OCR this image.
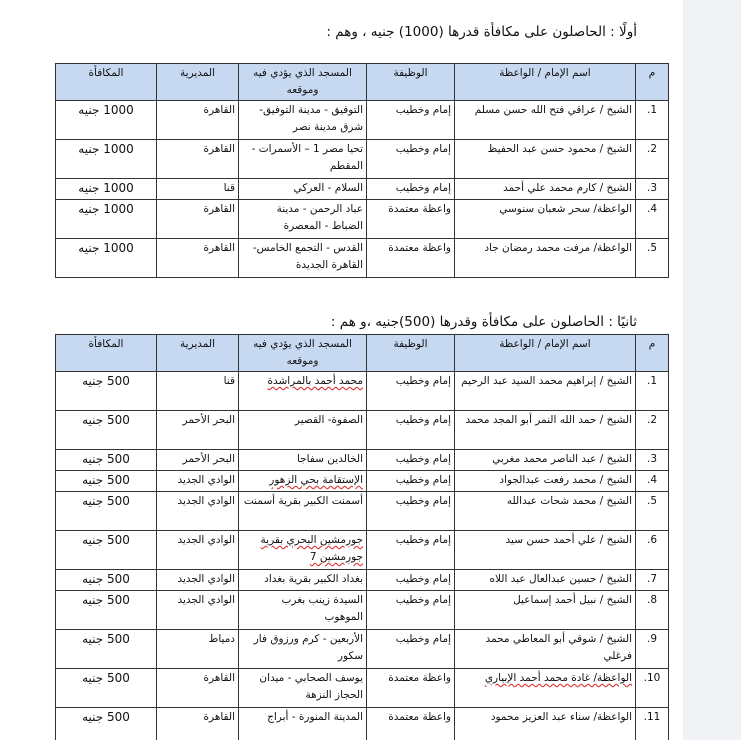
أولًا : الحاصلون على مكافأة قدرها (1000) جنيه ، وهم :
م	اسم الإمام / الواعظة	الوظيفة	المسجد الذي يؤدي فيه وموقعه	المديرية	المكافأة
1.	الشيخ / عراقي فتح الله حسن مسلم	إمام وخطيب	التوفيق - مدينة التوفيق- شرق مدينة نصر	القاهرة	1000 جنيه
2.	الشيخ / محمود حسن عبد الحفيظ	إمام وخطيب	تحيا مصر 1 – الأسمرات - المقطم	القاهرة	1000 جنيه
3.	الشيخ / كارم محمد علي أحمد	إمام وخطيب	السلام - العركي	قنا	1000 جنيه
4.	الواعظة/ سحر شعبان سنوسي	واعظة معتمدة	عباد الرحمن - مدينة الضباط - المعصرة	القاهرة	1000 جنيه
5.	الواعظة/ مرفت محمد رمضان جاد	واعظة معتمدة	القدس - التجمع الخامس- القاهرة الجديدة	القاهرة	1000 جنيه
ثانيًا : الحاصلون على مكافأة وقدرها (500)جنيه ،و هم :
م	اسم الإمام / الواعظة	الوظيفة	المسجد الذي يؤدي فيه وموقعه	المديرية	المكافأة
1.	الشيخ / إبراهيم محمد السيد عبد الرحيم	إمام وخطيب	محمد أحمد بالمراشدة	قنا	500 جنيه
2.	الشيخ / حمد الله النمر أبو المجد محمد	إمام وخطيب	الصفوة- القصير	البحر الأحمر	500 جنيه
3.	الشيخ / عبد الناصر محمد مغربي	إمام وخطيب	الخالدين سفاجا	البحر الأحمر	500 جنيه
4.	الشيخ / محمد رفعت عبدالجواد	إمام وخطيب	الإستقامة بحي الزهور	الوادي الجديد	500 جنيه
5.	الشيخ / محمد شحات عبدالله	إمام وخطيب	أسمنت الكبير بقرية أسمنت	الوادي الجديد	500 جنيه
6.	الشيخ / علي أحمد حسن سيد	إمام وخطيب	جورمشين البحري بقرية جورمشين 7	الوادي الجديد	500 جنيه
7.	الشيخ / حسين عبدالعال عبد اللاه	إمام وخطيب	بغداد الكبير بقرية بغداد	الوادي الجديد	500 جنيه
8.	الشيخ / نبيل أحمد إسماعيل	إمام وخطيب	السيدة زينب بغرب الموهوب	الوادي الجديد	500 جنيه
9.	الشيخ / شوقي أبو المعاطي محمد فرغلي	إمام وخطيب	الأربعين - كرم ورزوق فار سكور	دمياط	500 جنيه
10.	الواعظة/ غادة محمد أحمد الإبياري	واعظة معتمدة	يوسف الصحابي - ميدان الحجاز النزهة	القاهرة	500 جنيه
11.	الواعظة/ سناء عبد العزيز محمود	واعظة معتمدة	المدينة المنورة - أبراج	القاهرة	500 جنيه
